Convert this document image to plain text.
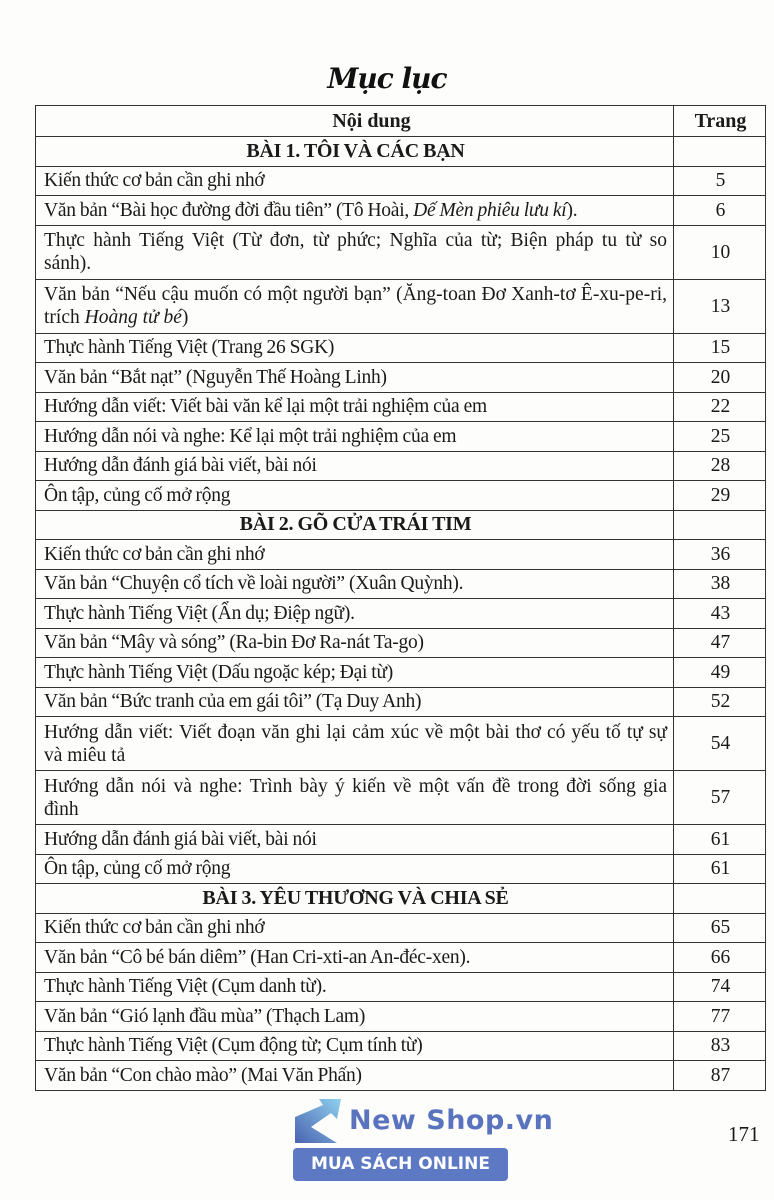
Mục lục
Nội dung	Trang
BÀI 1. TÔI VÀ CÁC BẠN	
Kiến thức cơ bản cần ghi nhớ	5
Văn bản “Bài học đường đời đầu tiên” (Tô Hoài, Dế Mèn phiêu lưu kí).	6
Thực hành Tiếng Việt (Từ đơn, từ phức; Nghĩa của từ; Biện pháp tu từ so sánh).	10
Văn bản “Nếu cậu muốn có một người bạn” (Ăng-toan Đơ Xanh-tơ Ê-xu-pe-ri, trích Hoàng tử bé)	13
Thực hành Tiếng Việt (Trang 26 SGK)	15
Văn bản “Bắt nạt” (Nguyễn Thế Hoàng Linh)	20
Hướng dẫn viết: Viết bài văn kể lại một trải nghiệm của em	22
Hướng dẫn nói và nghe: Kể lại một trải nghiệm của em	25
Hướng dẫn đánh giá bài viết, bài nói	28
Ôn tập, củng cố mở rộng	29
BÀI 2. GÕ CỬA TRÁI TIM	
Kiến thức cơ bản cần ghi nhớ	36
Văn bản “Chuyện cổ tích về loài người” (Xuân Quỳnh).	38
Thực hành Tiếng Việt (Ẩn dụ; Điệp ngữ).	43
Văn bản “Mây và sóng” (Ra-bin Đơ Ra-nát Ta-go)	47
Thực hành Tiếng Việt (Dấu ngoặc kép; Đại từ)	49
Văn bản “Bức tranh của em gái tôi” (Tạ Duy Anh)	52
Hướng dẫn viết: Viết đoạn văn ghi lại cảm xúc về một bài thơ có yếu tố tự sự và miêu tả	54
Hướng dẫn nói và nghe: Trình bày ý kiến về một vấn đề trong đời sống gia đình	57
Hướng dẫn đánh giá bài viết, bài nói	61
Ôn tập, củng cố mở rộng	61
BÀI 3. YÊU THƯƠNG VÀ CHIA SẺ	
Kiến thức cơ bản cần ghi nhớ	65
Văn bản “Cô bé bán diêm” (Han Cri-xti-an An-đéc-xen).	66
Thực hành Tiếng Việt (Cụm danh từ).	74
Văn bản “Gió lạnh đầu mùa” (Thạch Lam)	77
Thực hành Tiếng Việt (Cụm động từ; Cụm tính từ)	83
Văn bản “Con chào mào” (Mai Văn Phấn)	87
New Shop.vn
MUA SÁCH ONLINE
171
